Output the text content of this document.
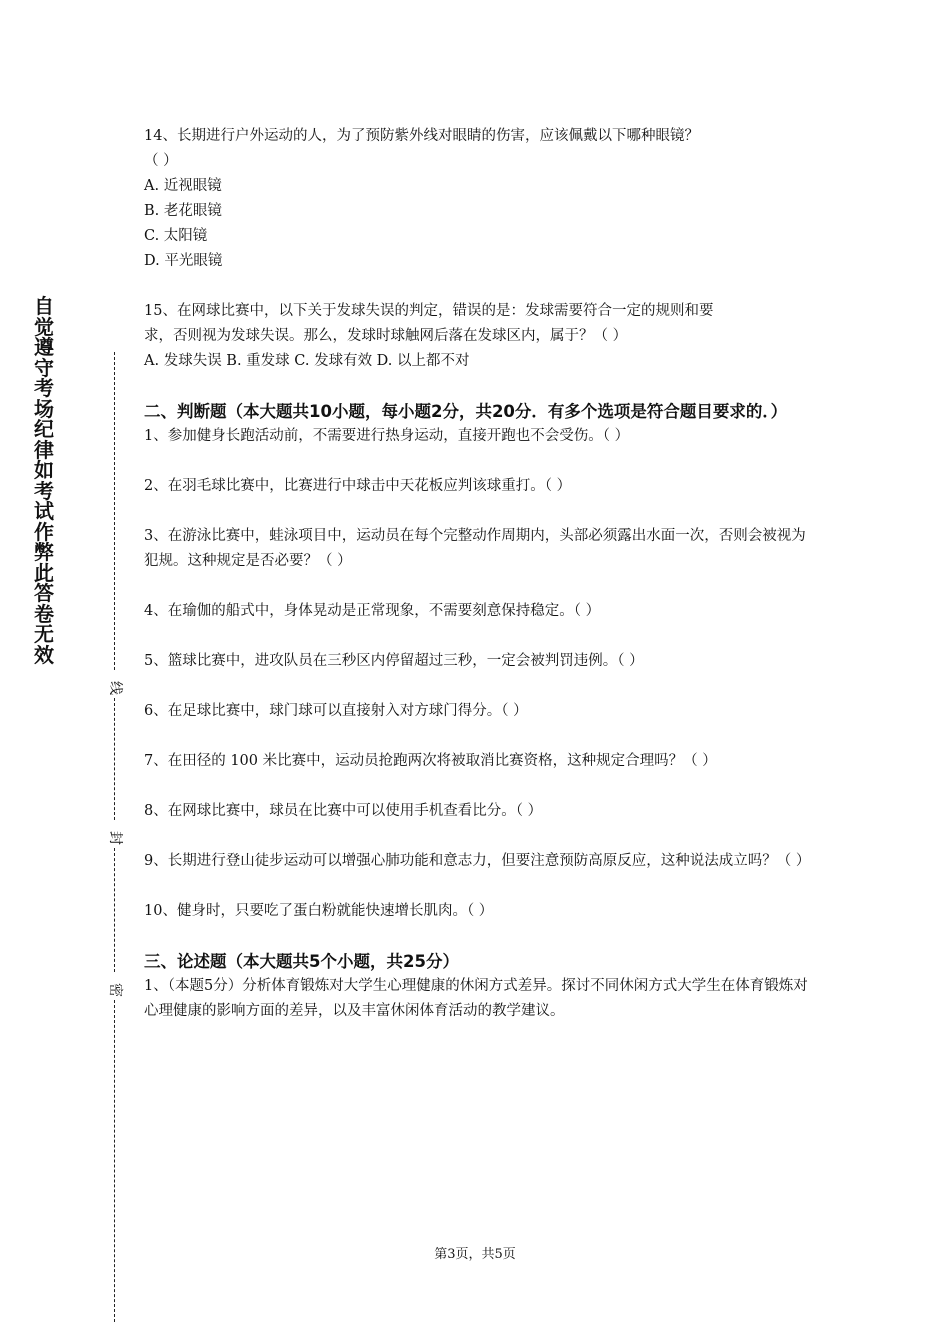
自觉遵守考场纪律如考试作弊此答卷无效
线
封
密
14、长期进行户外运动的人，为了预防紫外线对眼睛的伤害，应该佩戴以下哪种眼镜？
（ ）
A. 近视眼镜
B. 老花眼镜
C. 太阳镜
D. 平光眼镜
15、在网球比赛中，以下关于发球失误的判定，错误的是：发球需要符合一定的规则和要
求，否则视为发球失误。那么，发球时球触网后落在发球区内，属于？（ ）
A. 发球失误 B. 重发球 C. 发球有效 D. 以上都不对
二、判断题（本大题共10小题，每小题2分，共20分．有多个选项是符合题目要求的．）
1、参加健身长跑活动前，不需要进行热身运动，直接开跑也不会受伤。（ ）
2、在羽毛球比赛中，比赛进行中球击中天花板应判该球重打。（ ）
3、在游泳比赛中，蛙泳项目中，运动员在每个完整动作周期内，头部必须露出水面一次，否则会被视为犯规。这种规定是否必要？（ ）
4、在瑜伽的船式中，身体晃动是正常现象，不需要刻意保持稳定。（ ）
5、篮球比赛中，进攻队员在三秒区内停留超过三秒，一定会被判罚违例。（ ）
6、在足球比赛中，球门球可以直接射入对方球门得分。（ ）
7、在田径的 100 米比赛中，运动员抢跑两次将被取消比赛资格，这种规定合理吗？（ ）
8、在网球比赛中，球员在比赛中可以使用手机查看比分。（ ）
9、长期进行登山徒步运动可以增强心肺功能和意志力，但要注意预防高原反应，这种说法成立吗？（ ）
10、健身时，只要吃了蛋白粉就能快速增长肌肉。（ ）
三、论述题（本大题共5个小题，共25分）
1、（本题5分）分析体育锻炼对大学生心理健康的休闲方式差异。探讨不同休闲方式大学生在体育锻炼对心理健康的影响方面的差异，以及丰富休闲体育活动的教学建议。
第3页，共5页
